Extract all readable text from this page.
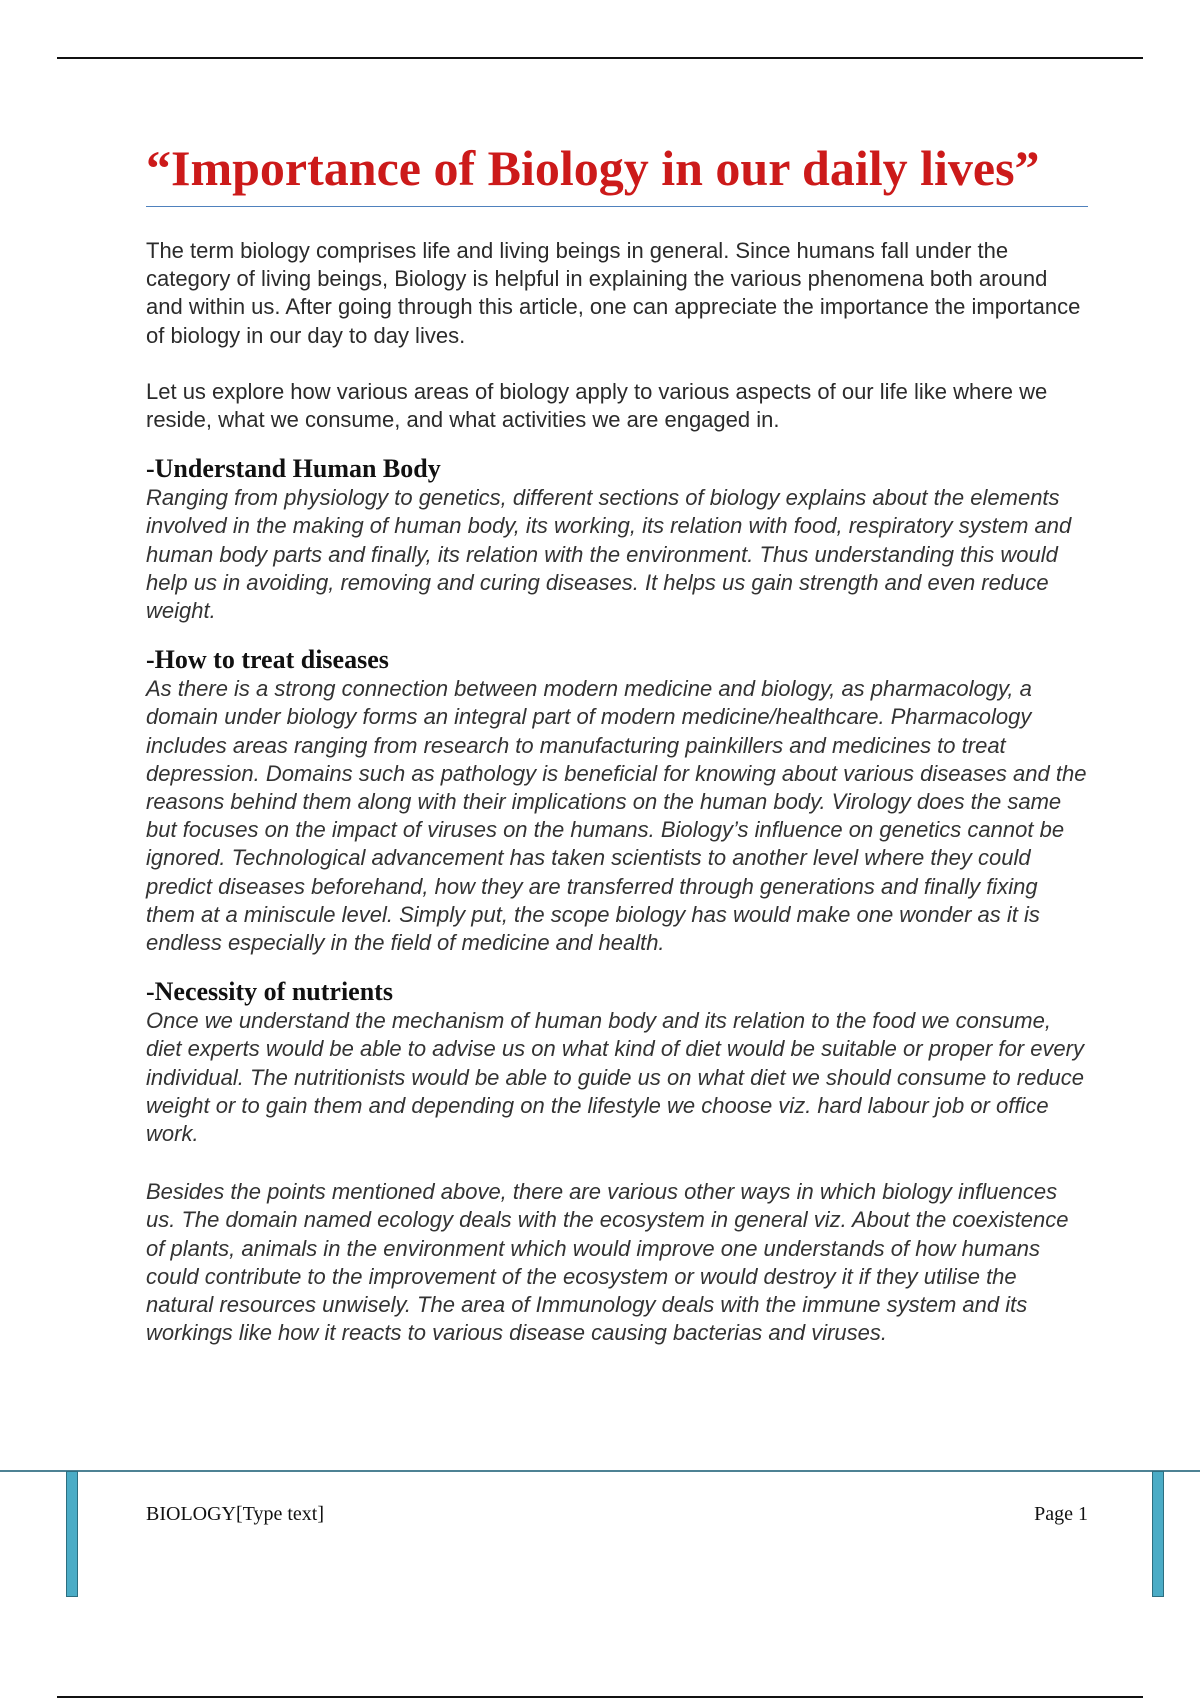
“Importance of Biology in our daily lives”

The term biology comprises life and living beings in general. Since humans fall under the category of living beings, Biology is helpful in explaining the various phenomena both around and within us. After going through this article, one can appreciate the importance the importance of biology in our day to day lives.

Let us explore how various areas of biology apply to various aspects of our life like where we reside, what we consume, and what activities we are engaged in.

-Understand Human Body

Ranging from physiology to genetics, different sections of biology explains about the elements involved in the making of human body, its working, its relation with food, respiratory system and human body parts and finally, its relation with the environment. Thus understanding this would help us in avoiding, removing and curing diseases. It helps us gain strength and even reduce weight.

-How to treat diseases

As there is a strong connection between modern medicine and biology, as pharmacology, a domain under biology forms an integral part of modern medicine/healthcare. Pharmacology includes areas ranging from research to manufacturing painkillers and medicines to treat depression. Domains such as pathology is beneficial for knowing about various diseases and the reasons behind them along with their implications on the human body. Virology does the same but focuses on the impact of viruses on the humans. Biology’s influence on genetics cannot be ignored. Technological advancement has taken scientists to another level where they could predict diseases beforehand, how they are transferred through generations and finally fixing them at a miniscule level. Simply put, the scope biology has would make one wonder as it is endless especially in the field of medicine and health.

-Necessity of nutrients

Once we understand the mechanism of human body and its relation to the food we consume, diet experts would be able to advise us on what kind of diet would be suitable or proper for every individual. The nutritionists would be able to guide us on what diet we should consume to reduce weight or to gain them and depending on the lifestyle we choose viz. hard labour job or office work.

Besides the points mentioned above, there are various other ways in which biology influences us. The domain named ecology deals with the ecosystem in general viz. About the coexistence of plants, animals in the environment which would improve one understands of how humans could contribute to the improvement of the ecosystem or would destroy it if they utilise the natural resources unwisely. The area of Immunology deals with the immune system and its workings like how it reacts to various disease causing bacterias and viruses.

BIOLOGY[Type text]	Page 1
